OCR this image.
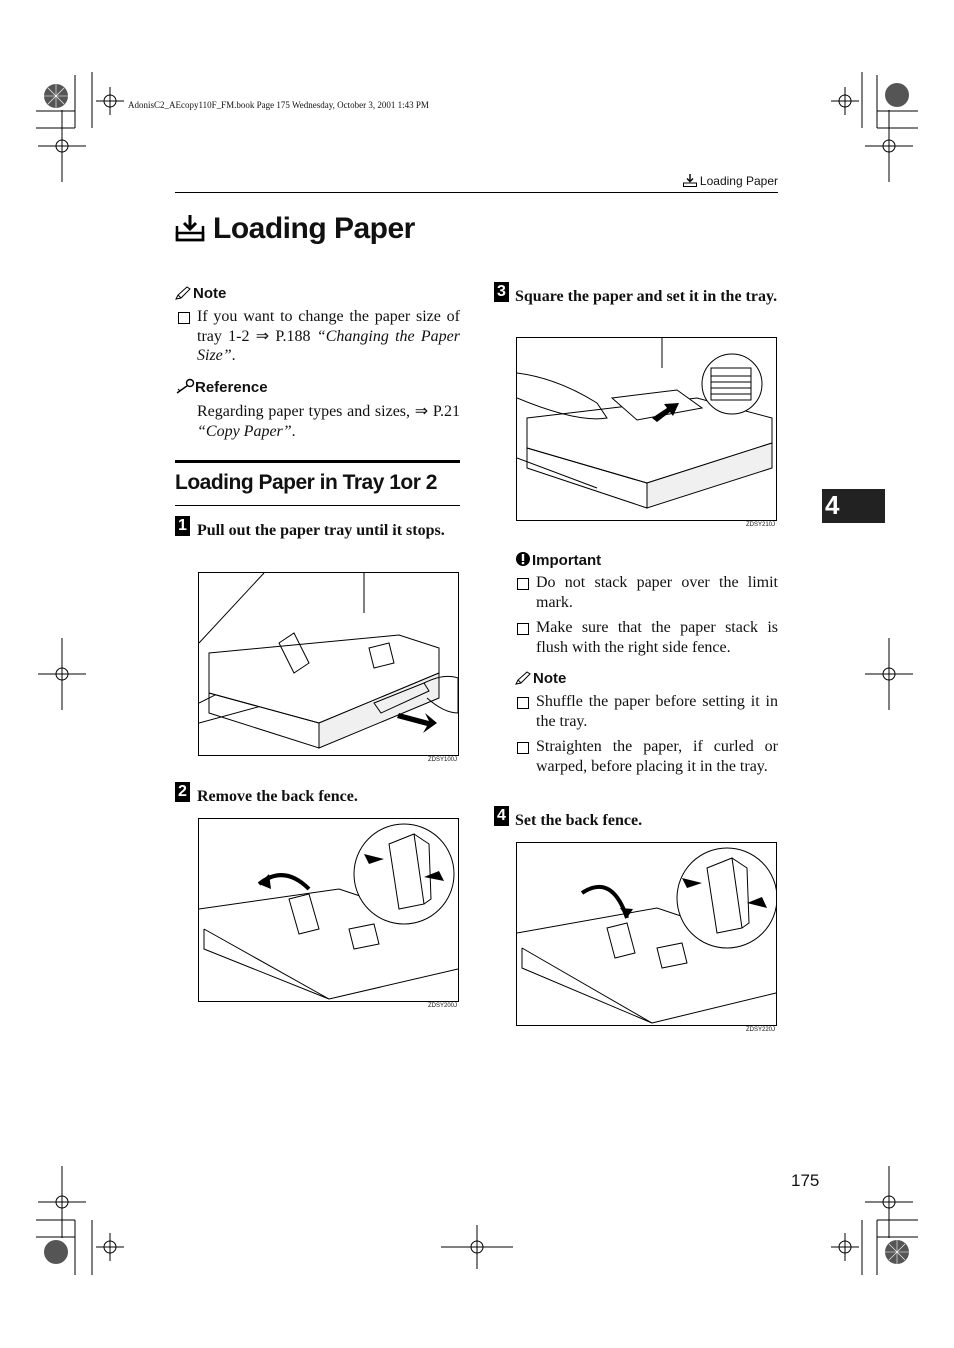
AdonisC2_AEcopy110F_FM.book Page 175 Wednesday, October 3, 2001 1:43 PM
Loading Paper
Loading Paper
Note
If you want to change the paper size of tray 1-2 ⇒ P.188 “Changing the Paper Size”.
Reference
Regarding paper types and sizes, ⇒ P.21 “Copy Paper”.
Loading Paper in Tray 1or 2
1 Pull out the paper tray until it stops.
ZDSY100J
2 Remove the back fence.
ZDSY200J
3 Square the paper and set it in the tray.
ZDSY210J
Important
Do not stack paper over the limit mark.
Make sure that the paper stack is flush with the right side fence.
Note
Shuffle the paper before setting it in the tray.
Straighten the paper, if curled or warped, before placing it in the tray.
4 Set the back fence.
ZDSY220J
4
175
